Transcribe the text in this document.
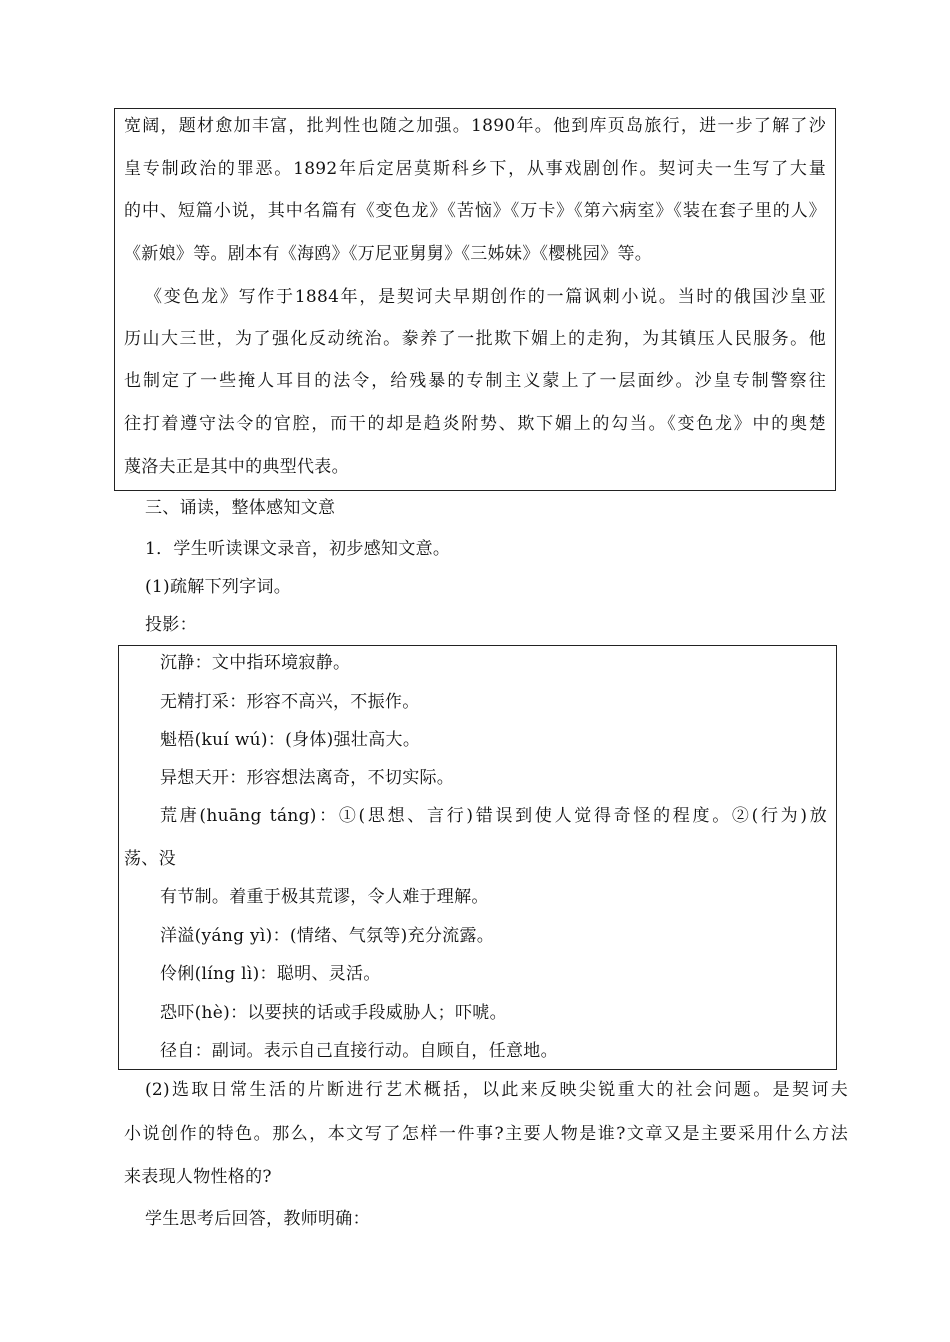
宽阔，题材愈加丰富，批判性也随之加强。1890年。他到库页岛旅行，进一步了解了沙
皇专制政治的罪恶。1892年后定居莫斯科乡下，从事戏剧创作。契诃夫一生写了大量
的中、短篇小说，其中名篇有《变色龙》《苦恼》《万卡》《第六病室》《装在套子里的人》
《新娘》等。剧本有《海鸥》《万尼亚舅舅》《三姊妹》《樱桃园》等。
《变色龙》写作于1884年，是契诃夫早期创作的一篇讽刺小说。当时的俄国沙皇亚
历山大三世，为了强化反动统治。豢养了一批欺下媚上的走狗，为其镇压人民服务。他
也制定了一些掩人耳目的法令，给残暴的专制主义蒙上了一层面纱。沙皇专制警察往
往打着遵守法令的官腔，而干的却是趋炎附势、欺下媚上的勾当。《变色龙》中的奥楚
蔑洛夫正是其中的典型代表。
三、诵读，整体感知文意
1．学生听读课文录音，初步感知文意。
(1)疏解下列字词。
投影：
沉静：文中指环境寂静。
无精打采：形容不高兴，不振作。
魁梧(kuí wú)：(身体)强壮高大。
异想天开：形容想法离奇，不切实际。
荒唐(huāng táng)：①(思想、言行)错误到使人觉得奇怪的程度。②(行为)放
荡、没
有节制。着重于极其荒谬，令人难于理解。
洋溢(yáng yì)：(情绪、气氛等)充分流露。
伶俐(líng lì)：聪明、灵活。
恐吓(hè)：以要挟的话或手段威胁人；吓唬。
径自：副词。表示自己直接行动。自顾自，任意地。
(2)选取日常生活的片断进行艺术概括，以此来反映尖锐重大的社会问题。是契诃夫
小说创作的特色。那么，本文写了怎样一件事?主要人物是谁?文章又是主要采用什么方法
来表现人物性格的?
学生思考后回答，教师明确：
